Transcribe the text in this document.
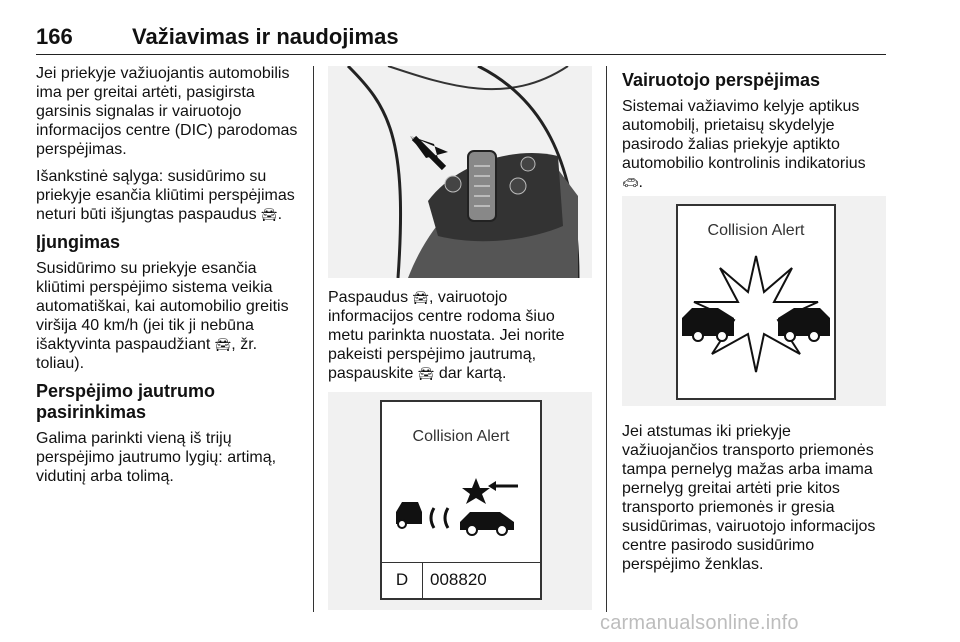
166	Važiavimas ir naudojimas

Jei priekyje važiuojantis automobilis ima per greitai artėti, pasigirsta garsinis signalas ir vairuotojo informacijos centre (DIC) parodomas perspėjimas.

Išankstinė sąlyga: susidūrimo su priekyje esančia kliūtimi perspėjimas neturi būti išjungtas paspaudus 🚘︎.

Įjungimas

Susidūrimo su priekyje esančia kliūtimi perspėjimo sistema veikia automatiškai, kai automobilio greitis viršija 40 km/h (jei tik ji nebūna išaktyvinta paspaudžiant 🚘︎, žr. toliau).

Perspėjimo jautrumo pasirinkimas

Galima parinkti vieną iš trijų perspėjimo jautrumo lygių: artimą, vidutinį arba tolimą.

Paspaudus 🚘︎, vairuotojo informacijos centre rodoma šiuo metu parinkta nuostata. Jei norite pakeisti perspėjimo jautrumą, paspauskite 🚘︎ dar kartą.

Collision Alert
D	008820
Vairuotojo perspėjimas

Sistemai važiavimo kelyje aptikus automobilį, prietaisų skydelyje pasirodo žalias priekyje aptikto automobilio kontrolinis indikatorius 🚗︎.

Collision Alert

Jei atstumas iki priekyje važiuojančios transporto priemonės tampa pernelyg mažas arba imama pernelyg greitai artėti prie kitos transporto priemonės ir gresia susidūrimas, vairuotojo informacijos centre pasirodo susidūrimo perspėjimo ženklas.

carmanualsonline.info
